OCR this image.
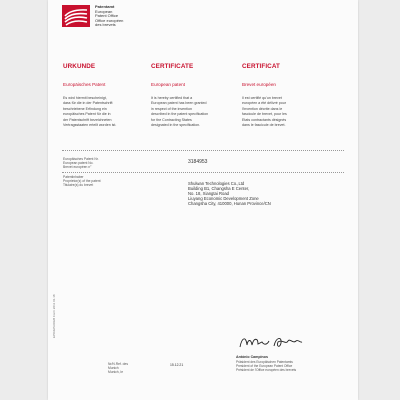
Patentamt
European
Patent Office
Office européen
des brevets
URKUNDE
Europäisches Patent
Es wird hiermit bescheinigt,
dass für die in der Patentschrift
beschriebene Erfindung ein
europäisches Patent für die in
der Patentschrift bezeichneten
Vertragsstaaten erteilt worden ist.
CERTIFICATE
European patent
It is hereby certified that a
European patent has been granted
in respect of the invention
described in the patent specification
for the Contracting States
designated in the specification.
CERTIFICAT
Brevet européen
Il est certifié qu'un brevet
européen a été délivré pour
l'invention décrite dans le
fascicule de brevet, pour les
Etats contractants désignés
dans le fascicule de brevet.
Europäisches Patent Nr.
European patent No.
Brevet européen n°
3184953
Patentinhaber
Proprietor(s) of the patent
Titulaire(s) du brevet	Shulwan Technologies Co.,Ltd
Building B1, Changsha E Center,
No. 18, Xiangtai Road
Liuyang Economic Development Zone
Changsha City, 410000, Hunan Province/CN
EPO/EPA/OEB Form 2011 01.18
Nr/N.Ref. des
Munich
Munich, le
15.12.21
António Campinos
Präsident des Europäischen Patentamts
President of the European Patent Office
Président de l'Office européen des brevets
